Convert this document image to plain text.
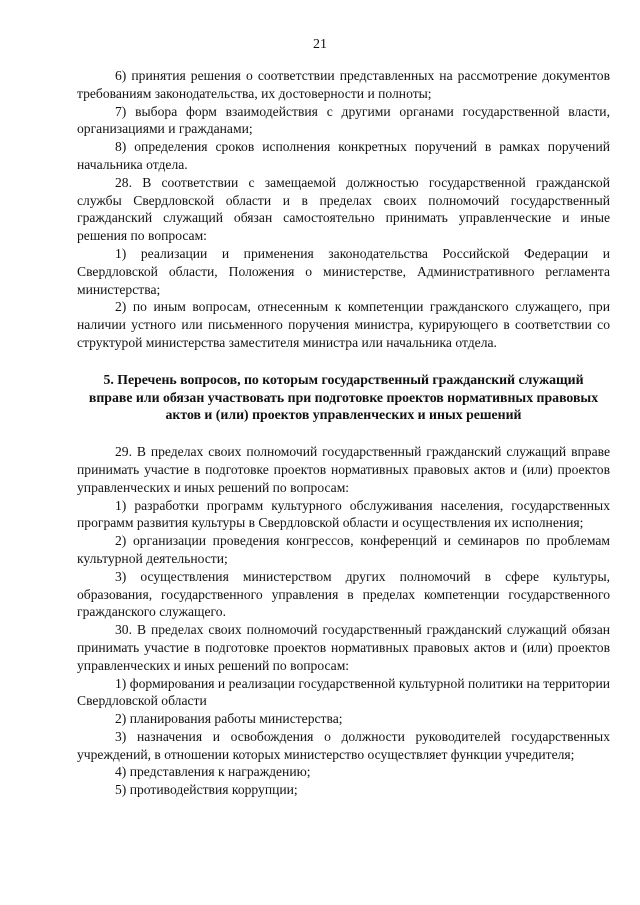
21

6) принятия решения о соответствии представленных на рассмотрение документов требованиям законодательства, их достоверности и полноты;

7) выбора форм взаимодействия с другими органами государственной власти, организациями и гражданами;

8) определения сроков исполнения конкретных поручений в рамках поручений начальника отдела.

28. В соответствии с замещаемой должностью государственной гражданской службы Свердловской области и в пределах своих полномочий государственный гражданский служащий обязан самостоятельно принимать управленческие и иные решения по вопросам:

1) реализации и применения законодательства Российской Федерации и Свердловской области, Положения о министерстве, Административного регламента министерства;

2) по иным вопросам, отнесенным к компетенции гражданского служащего, при наличии устного или письменного поручения министра, курирующего в соответствии со структурой министерства заместителя министра или начальника отдела.

5. Перечень вопросов, по которым государственный гражданский служащий вправе или обязан участвовать при подготовке проектов нормативных правовых актов и (или) проектов управленческих и иных решений

29. В пределах своих полномочий государственный гражданский служащий вправе принимать участие в подготовке проектов нормативных правовых актов и (или) проектов управленческих и иных решений по вопросам:

1) разработки программ культурного обслуживания населения, государственных программ развития культуры в Свердловской области и осуществления их исполнения;

2) организации проведения конгрессов, конференций и семинаров по проблемам культурной деятельности;

3) осуществления министерством других полномочий в сфере культуры, образования, государственного управления в пределах компетенции государственного гражданского служащего.

30. В пределах своих полномочий государственный гражданский служащий обязан принимать участие в подготовке проектов нормативных правовых актов и (или) проектов управленческих и иных решений по вопросам:

1) формирования и реализации государственной культурной политики на территории Свердловской области

2) планирования работы министерства;

3) назначения и освобождения о должности руководителей государственных учреждений, в отношении которых министерство осуществляет функции учредителя;

4) представления к награждению;

5) противодействия коррупции;
